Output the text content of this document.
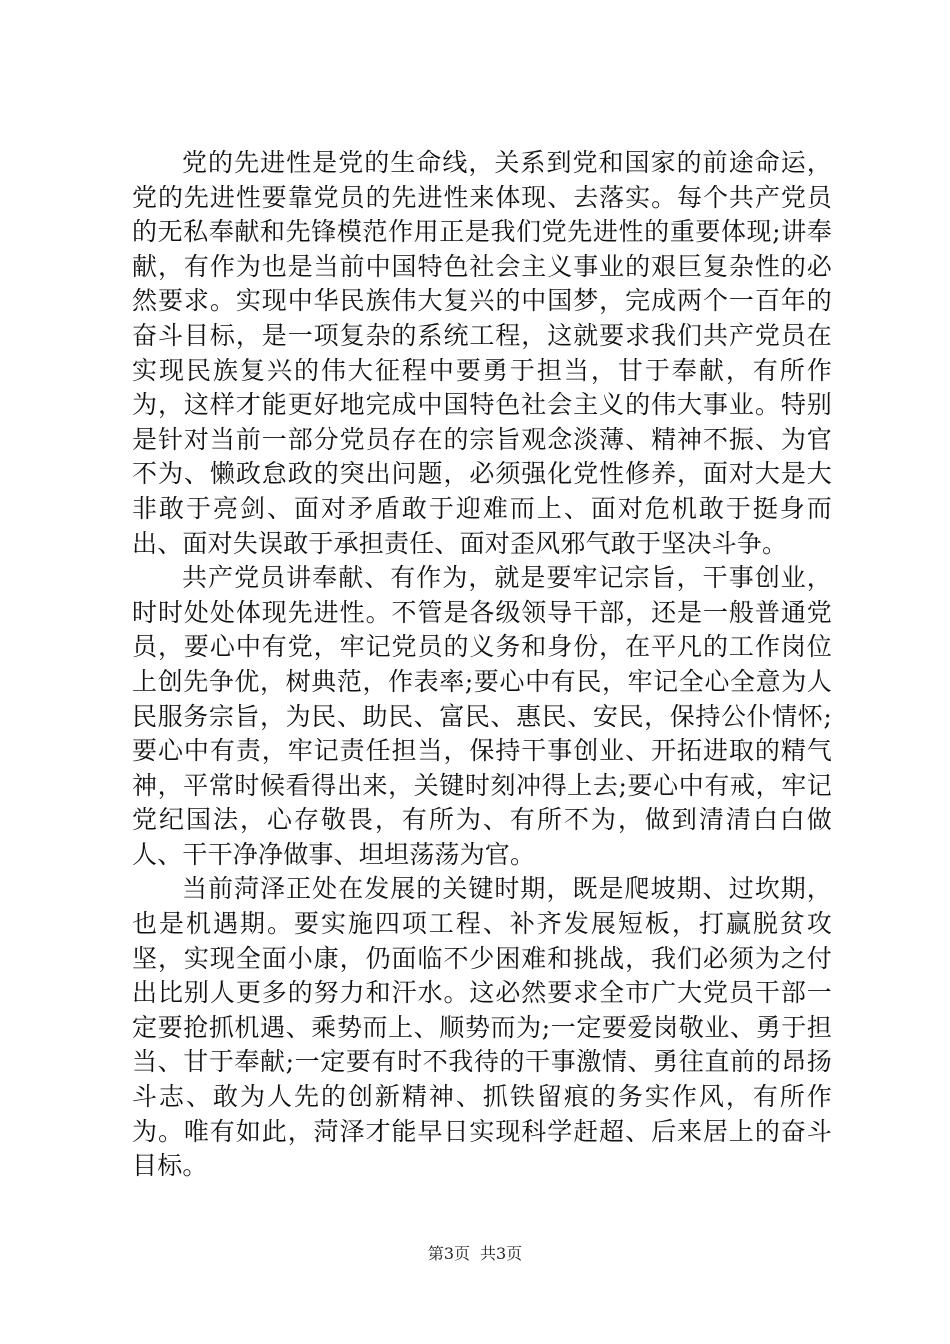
党的先进性是党的生命线，关系到党和国家的前途命运，党的先进性要靠党员的先进性来体现、去落实。每个共产党员的无私奉献和先锋模范作用正是我们党先进性的重要体现;讲奉献，有作为也是当前中国特色社会主义事业的艰巨复杂性的必然要求。实现中华民族伟大复兴的中国梦，完成两个一百年的奋斗目标，是一项复杂的系统工程，这就要求我们共产党员在实现民族复兴的伟大征程中要勇于担当，甘于奉献，有所作为，这样才能更好地完成中国特色社会主义的伟大事业。特别是针对当前一部分党员存在的宗旨观念淡薄、精神不振、为官不为、懒政怠政的突出问题，必须强化党性修养，面对大是大非敢于亮剑、面对矛盾敢于迎难而上、面对危机敢于挺身而出、面对失误敢于承担责任、面对歪风邪气敢于坚决斗争。

共产党员讲奉献、有作为，就是要牢记宗旨，干事创业，时时处处体现先进性。不管是各级领导干部，还是一般普通党员，要心中有党，牢记党员的义务和身份，在平凡的工作岗位上创先争优，树典范，作表率;要心中有民，牢记全心全意为人民服务宗旨，为民、助民、富民、惠民、安民，保持公仆情怀;要心中有责，牢记责任担当，保持干事创业、开拓进取的精气神，平常时候看得出来，关键时刻冲得上去;要心中有戒，牢记党纪国法，心存敬畏，有所为、有所不为，做到清清白白做人、干干净净做事、坦坦荡荡为官。

当前菏泽正处在发展的关键时期，既是爬坡期、过坎期，也是机遇期。要实施四项工程、补齐发展短板，打赢脱贫攻坚，实现全面小康，仍面临不少困难和挑战，我们必须为之付出比别人更多的努力和汗水。这必然要求全市广大党员干部一定要抢抓机遇、乘势而上、顺势而为;一定要爱岗敬业、勇于担当、甘于奉献;一定要有时不我待的干事激情、勇往直前的昂扬斗志、敢为人先的创新精神、抓铁留痕的务实作风，有所作为。唯有如此，菏泽才能早日实现科学赶超、后来居上的奋斗目标。

第3页 共3页
